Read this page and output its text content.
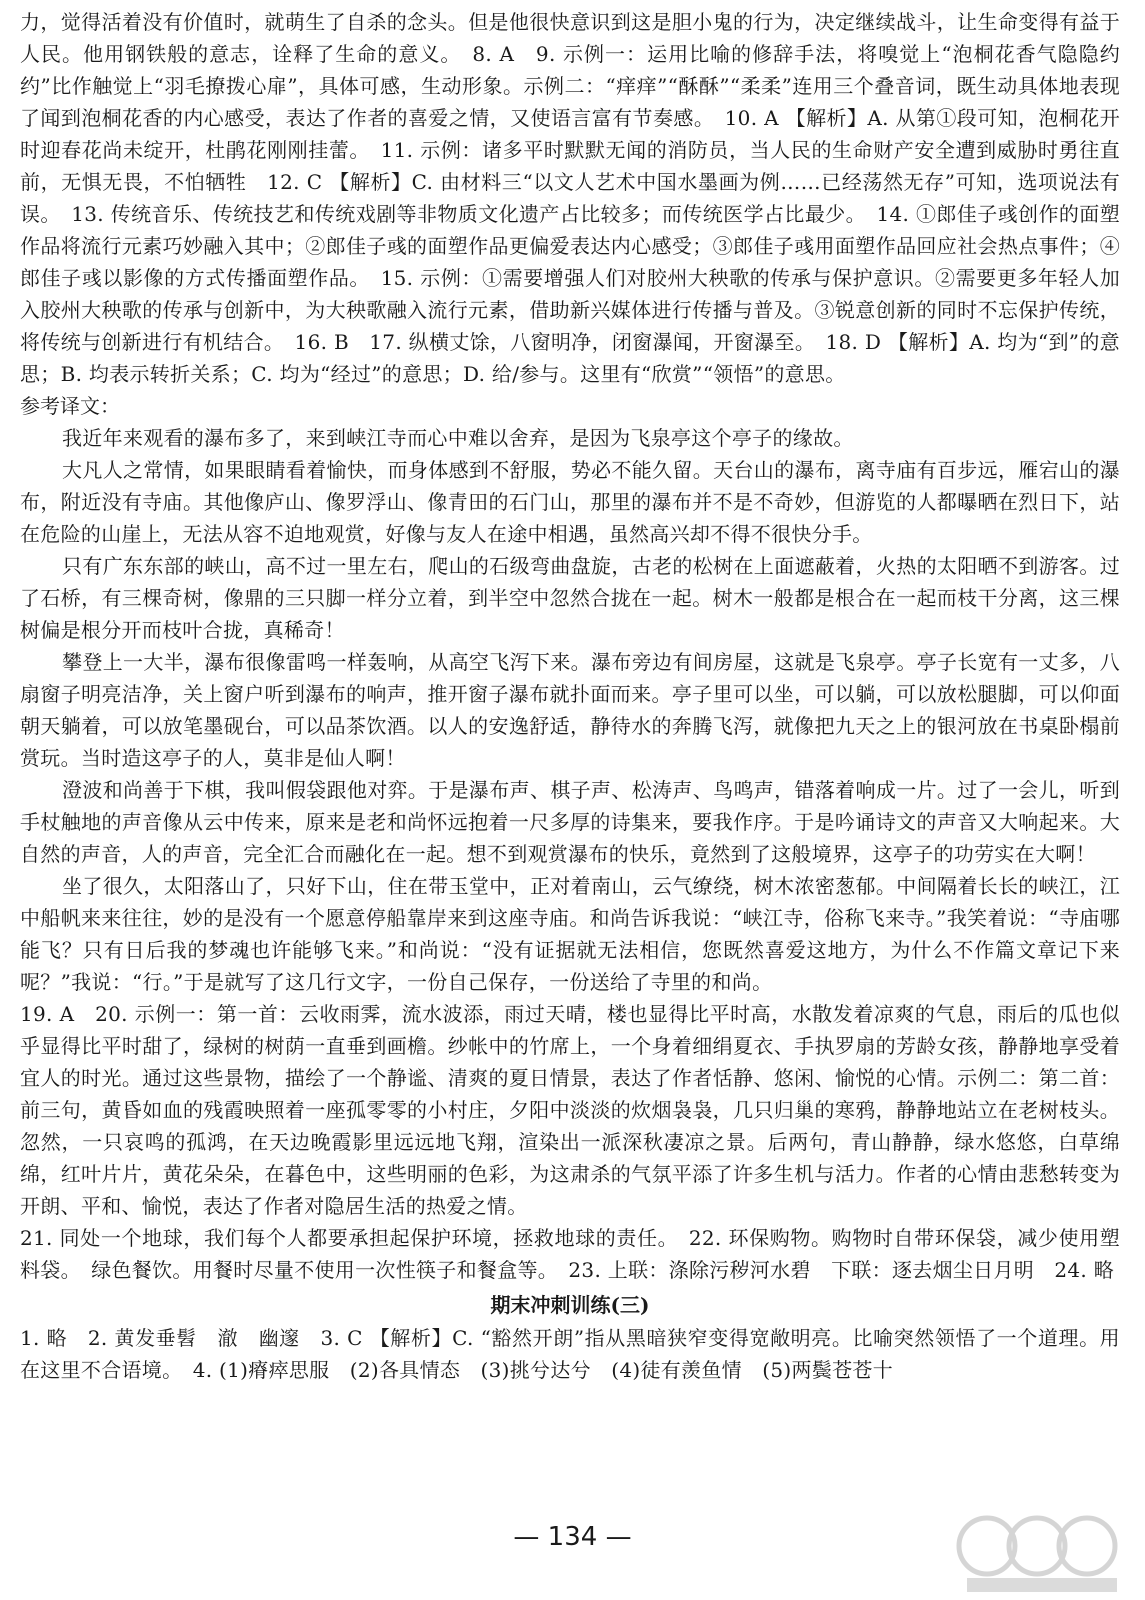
力，觉得活着没有价值时，就萌生了自杀的念头。但是他很快意识到这是胆小鬼的行为，决定继续战斗，让生命变得有益于人民。他用钢铁般的意志，诠释了生命的意义。　8. A　9. 示例一：运用比喻的修辞手法，将嗅觉上“泡桐花香气隐隐约约”比作触觉上“羽毛撩拨心扉”，具体可感，生动形象。示例二：“痒痒”“酥酥”“柔柔”连用三个叠音词，既生动具体地表现了闻到泡桐花香的内心感受，表达了作者的喜爱之情，又使语言富有节奏感。　10. A 【解析】A. 从第①段可知，泡桐花开时迎春花尚未绽开，杜鹃花刚刚挂蕾。　11. 示例：诸多平时默默无闻的消防员，当人民的生命财产安全遭到威胁时勇往直前，无惧无畏，不怕牺牲　12. C 【解析】C. 由材料三“以文人艺术中国水墨画为例……已经荡然无存”可知，选项说法有误。　13. 传统音乐、传统技艺和传统戏剧等非物质文化遗产占比较多；而传统医学占比最少。　14. ①郎佳子彧创作的面塑作品将流行元素巧妙融入其中；②郎佳子彧的面塑作品更偏爱表达内心感受；③郎佳子彧用面塑作品回应社会热点事件；④郎佳子彧以影像的方式传播面塑作品。　15. 示例：①需要增强人们对胶州大秧歌的传承与保护意识。②需要更多年轻人加入胶州大秧歌的传承与创新中，为大秧歌融入流行元素，借助新兴媒体进行传播与普及。③锐意创新的同时不忘保护传统，将传统与创新进行有机结合。　16. B　17. 纵横丈馀，八窗明净，闭窗瀑闻，开窗瀑至。　18. D 【解析】A. 均为“到”的意思；B. 均表示转折关系；C. 均为“经过”的意思；D. 给/参与。这里有“欣赏”“领悟”的意思。

参考译文：

我近年来观看的瀑布多了，来到峡江寺而心中难以舍弃，是因为飞泉亭这个亭子的缘故。

大凡人之常情，如果眼睛看着愉快，而身体感到不舒服，势必不能久留。天台山的瀑布，离寺庙有百步远，雁宕山的瀑布，附近没有寺庙。其他像庐山、像罗浮山、像青田的石门山，那里的瀑布并不是不奇妙，但游览的人都曝晒在烈日下，站在危险的山崖上，无法从容不迫地观赏，好像与友人在途中相遇，虽然高兴却不得不很快分手。

只有广东东部的峡山，高不过一里左右，爬山的石级弯曲盘旋，古老的松树在上面遮蔽着，火热的太阳晒不到游客。过了石桥，有三棵奇树，像鼎的三只脚一样分立着，到半空中忽然合拢在一起。树木一般都是根合在一起而枝干分离，这三棵树偏是根分开而枝叶合拢，真稀奇！

攀登上一大半，瀑布很像雷鸣一样轰响，从高空飞泻下来。瀑布旁边有间房屋，这就是飞泉亭。亭子长宽有一丈多，八扇窗子明亮洁净，关上窗户听到瀑布的响声，推开窗子瀑布就扑面而来。亭子里可以坐，可以躺，可以放松腿脚，可以仰面朝天躺着，可以放笔墨砚台，可以品茶饮酒。以人的安逸舒适，静待水的奔腾飞泻，就像把九天之上的银河放在书桌卧榻前赏玩。当时造这亭子的人，莫非是仙人啊！

澄波和尚善于下棋，我叫假袋跟他对弈。于是瀑布声、棋子声、松涛声、鸟鸣声，错落着响成一片。过了一会儿，听到手杖触地的声音像从云中传来，原来是老和尚怀远抱着一尺多厚的诗集来，要我作序。于是吟诵诗文的声音又大响起来。大自然的声音，人的声音，完全汇合而融化在一起。想不到观赏瀑布的快乐，竟然到了这般境界，这亭子的功劳实在大啊！

坐了很久，太阳落山了，只好下山，住在带玉堂中，正对着南山，云气缭绕，树木浓密葱郁。中间隔着长长的峡江，江中船帆来来往往，妙的是没有一个愿意停船靠岸来到这座寺庙。和尚告诉我说：“峡江寺，俗称飞来寺。”我笑着说：“寺庙哪能飞？只有日后我的梦魂也许能够飞来。”和尚说：“没有证据就无法相信，您既然喜爱这地方，为什么不作篇文章记下来呢？”我说：“行。”于是就写了这几行文字，一份自己保存，一份送给了寺里的和尚。

19. A　20. 示例一：第一首：云收雨霁，流水波添，雨过天晴，楼也显得比平时高，水散发着凉爽的气息，雨后的瓜也似乎显得比平时甜了，绿树的树荫一直垂到画檐。纱帐中的竹席上，一个身着细绢夏衣、手执罗扇的芳龄女孩，静静地享受着宜人的时光。通过这些景物，描绘了一个静谧、清爽的夏日情景，表达了作者恬静、悠闲、愉悦的心情。示例二：第二首：前三句，黄昏如血的残霞映照着一座孤零零的小村庄，夕阳中淡淡的炊烟袅袅，几只归巢的寒鸦，静静地站立在老树枝头。忽然，一只哀鸣的孤鸿，在天边晚霞影里远远地飞翔，渲染出一派深秋凄凉之景。后两句，青山静静，绿水悠悠，白草绵绵，红叶片片，黄花朵朵，在暮色中，这些明丽的色彩，为这肃杀的气氛平添了许多生机与活力。作者的心情由悲愁转变为开朗、平和、愉悦，表达了作者对隐居生活的热爱之情。

21. 同处一个地球，我们每个人都要承担起保护环境，拯救地球的责任。　22. 环保购物。购物时自带环保袋，减少使用塑料袋。　绿色餐饮。用餐时尽量不使用一次性筷子和餐盒等。　23. 上联：涤除污秽河水碧　下联：逐去烟尘日月明　24. 略

期末冲刺训练(三)

1. 略　2. 黄发垂髫　澈　幽邃　3. C 【解析】C. “豁然开朗”指从黑暗狭窄变得宽敞明亮。比喻突然领悟了一个道理。用在这里不合语境。　4. (1)瘠瘁思服　(2)各具情态　(3)挑兮达兮　(4)徒有羡鱼情　(5)两鬓苍苍十

— 134 —
